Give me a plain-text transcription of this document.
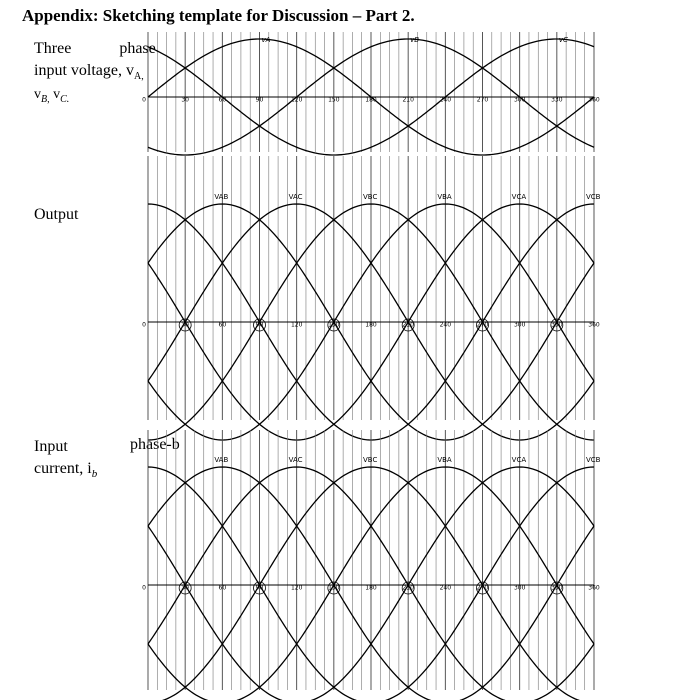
Appendix: Sketching template for Discussion – Part 2.
Three	phase
input voltage, $v_{A,}$
$v_{B,}$ $v_{C.}$
Output
Input
current, $i_b$
phase-b
0	30	60	90	120	150	180	210	240	270	300	330	360
vA	vB	vC
0	30	60	90	120	150	180	210	240	270	300	330	360
VAB	VAC	VBC	VBA	VCA	VCB
0	30	60	90	120	150	180	210	240	270	300	330	360
VAB	VAC	VBC	VBA	VCA	VCB
